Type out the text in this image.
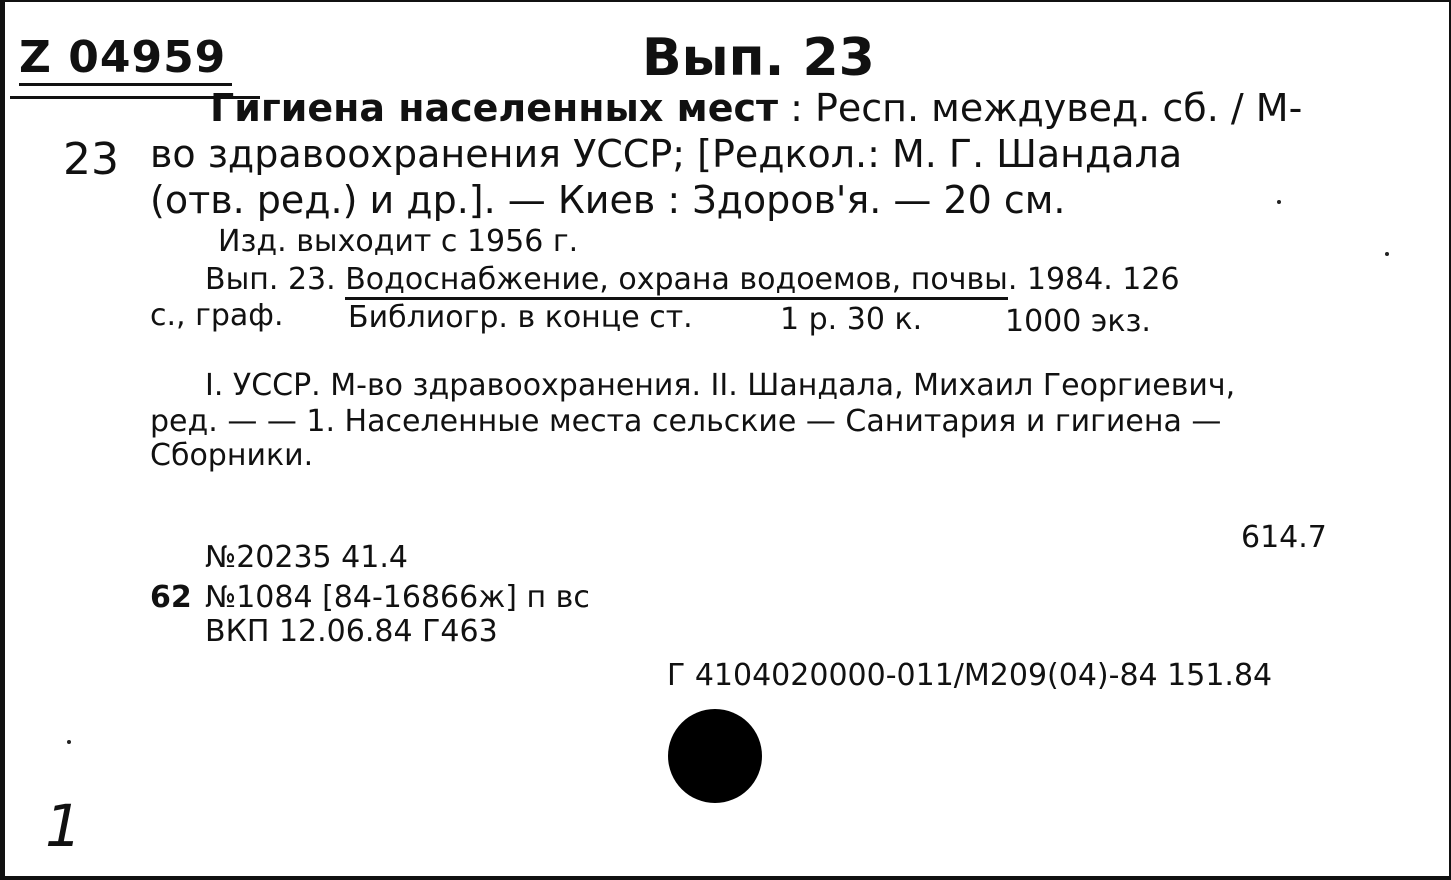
Z 04959	Вып. 23
23
1
Гигиена населенных мест : Респ. междувед. сб. / М-
во здравоохранения УССР; [Редкол.: М. Г. Шандала
(отв. ред.) и др.]. — Киев : Здоров'я. — 20 см.
Изд. выходит с 1956 г.
Вып. 23. Водоснабжение, охрана водоемов, почвы. 1984. 126
с., граф. Библиогр. в конце ст.	1 р. 30 к.	1000 экз.
I. УССР. М-во здравоохранения. II. Шандала, Михаил Георгиевич,
ред. — — 1. Населенные места сельские — Санитария и гигиена —
Сборники.
614.7
№20235 41.4
62 №1084 [84-16866ж] п вс
ВКП 12.06.84 Г463
Г 4104020000-011/М209(04)-84 151.84
